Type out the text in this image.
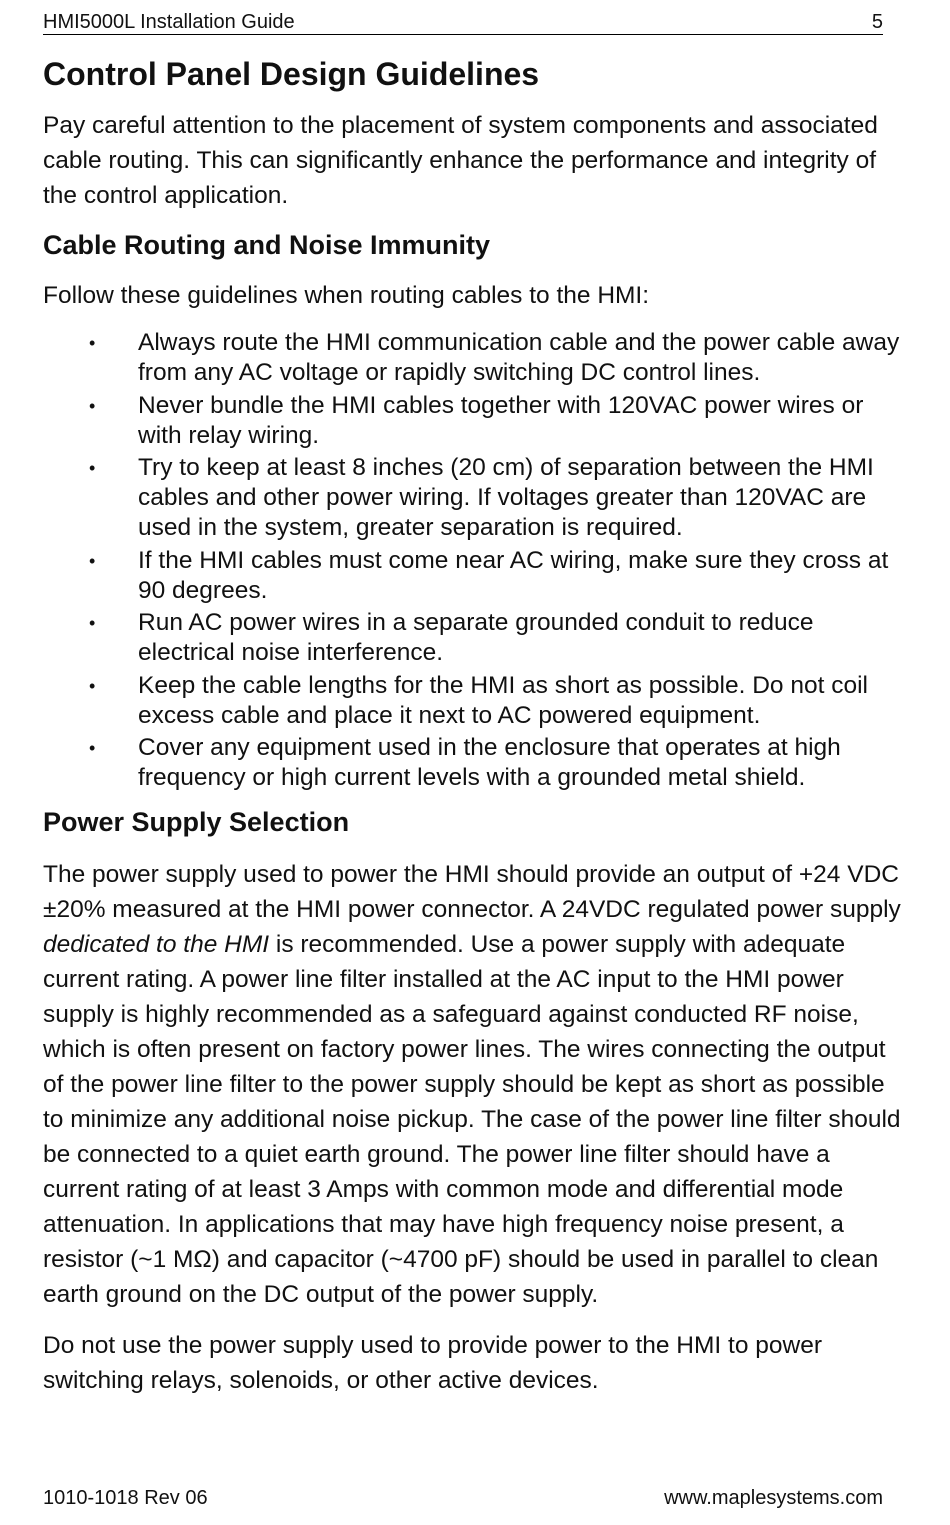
HMI5000L Installation Guide	5
Control Panel Design Guidelines

Pay careful attention to the placement of system components and associated cable routing. This can significantly enhance the performance and integrity of the control application.

Cable Routing and Noise Immunity

Follow these guidelines when routing cables to the HMI:

• Always route the HMI communication cable and the power cable away from any AC voltage or rapidly switching DC control lines.
• Never bundle the HMI cables together with 120VAC power wires or with relay wiring.
• Try to keep at least 8 inches (20 cm) of separation between the HMI cables and other power wiring. If voltages greater than 120VAC are used in the system, greater separation is required.
• If the HMI cables must come near AC wiring, make sure they cross at 90 degrees.
• Run AC power wires in a separate grounded conduit to reduce electrical noise interference.
• Keep the cable lengths for the HMI as short as possible. Do not coil excess cable and place it next to AC powered equipment.
• Cover any equipment used in the enclosure that operates at high frequency or high current levels with a grounded metal shield.
Power Supply Selection

The power supply used to power the HMI should provide an output of +24 VDC ±20% measured at the HMI power connector. A 24VDC regulated power supply dedicated to the HMI is recommended. Use a power supply with adequate current rating. A power line filter installed at the AC input to the HMI power supply is highly recommended as a safeguard against conducted RF noise, which is often present on factory power lines. The wires connecting the output of the power line filter to the power supply should be kept as short as possible to minimize any additional noise pickup. The case of the power line filter should be connected to a quiet earth ground. The power line filter should have a current rating of at least 3 Amps with common mode and differential mode attenuation. In applications that may have high frequency noise present, a resistor (~1 MΩ) and capacitor (~4700 pF) should be used in parallel to clean earth ground on the DC output of the power supply.

Do not use the power supply used to provide power to the HMI to power switching relays, solenoids, or other active devices.

1010-1018 Rev 06	www.maplesystems.com
